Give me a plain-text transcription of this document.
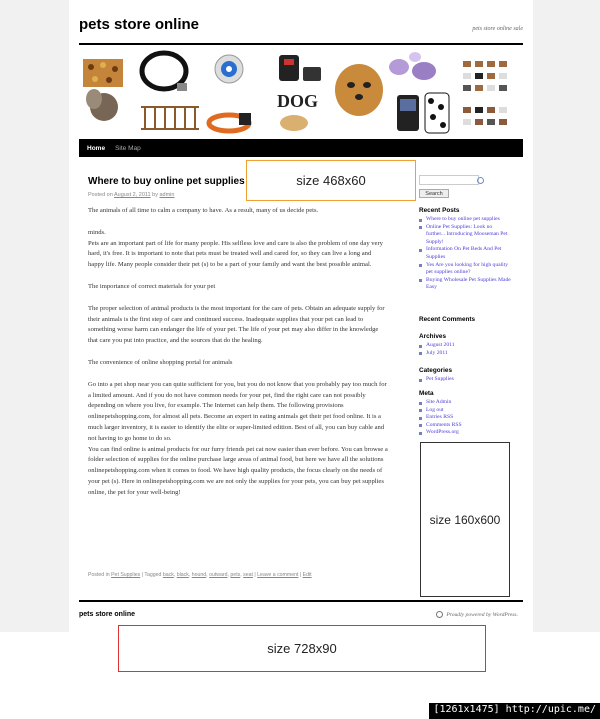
pets store online	pets store online sale
DOG
Home Site Map
Where to buy online pet supplies
Posted on August 2, 2011 by admin

The animals of all time to calm a company to have. As a result, many of us decide pets.

minds.

Pets are an important part of life for many people. His selfless love and care is also the problem of one day very hard, it's free. It is important to note that pets must be treated well and cared for, so they can live a long and happy life. Many people consider their pet (s) to be a part of your family and want the best possible animal.

The importance of correct materials for your pet

The proper selection of animal products is the most important for the care of pets. Obtain an adequate supply for their animals is the first step of care and continued success. Inadequate supplies that your pet can lead to something worse harm can endanger the life of your pet. The life of your pet may also differ in the knowledge that care you put into practice, and the sources that do the healing.

The convenience of online shopping portal for animals

Go into a pet shop near you can quite sufficient for you, but you do not know that you probably pay too much for a limited amount. And if you do not have common needs for your pet, find the right care can not possibly depending on where you live, for example. The Internet can help them. The following provisions onlinepetshopping.com, for almost all pets. Become an expert in eating animals get their pet food online. It is a much larger inventory, it is easier to identify the elite or super-limited edition. Best of all, you can buy cable and not having to go home to do so.

You can find online is animal products for our furry friends pet cat now easier than ever before. You can browse a folder selection of supplies for the online purchase large areas of animal food, but here we have all the solutions onlinepetshopping.com when it comes to food. We have high quality products, the focus clearly on the needs of your pet (s). Here in onlinepetshopping.com we are not only the supplies for your pets, you can buy pet supplies online, the pet for your well-being!

Posted in Pet Supplies | Tagged back, black, hound, outward, pets, seat | Leave a comment | Edit
Search
Recent Posts
Where to buy online pet supplies
Online Pet Supplies: Look no further... Introducing Mooseman Pet Supply!
Information On Pet Beds And Pet Supplies
Yes Are you looking for high quality pet supplies online?
Buying Wholesale Pet Supplies Made Easy
Recent Comments
Archives
August 2011
July 2011
Categories
Pet Supplies
Meta
Site Admin
Log out
Entries RSS
Comments RSS
WordPress.org
pets store online	Proudly powered by WordPress.
size 468x60
size 160x600
size 728x90
[1261x1475] http://upic.me/
